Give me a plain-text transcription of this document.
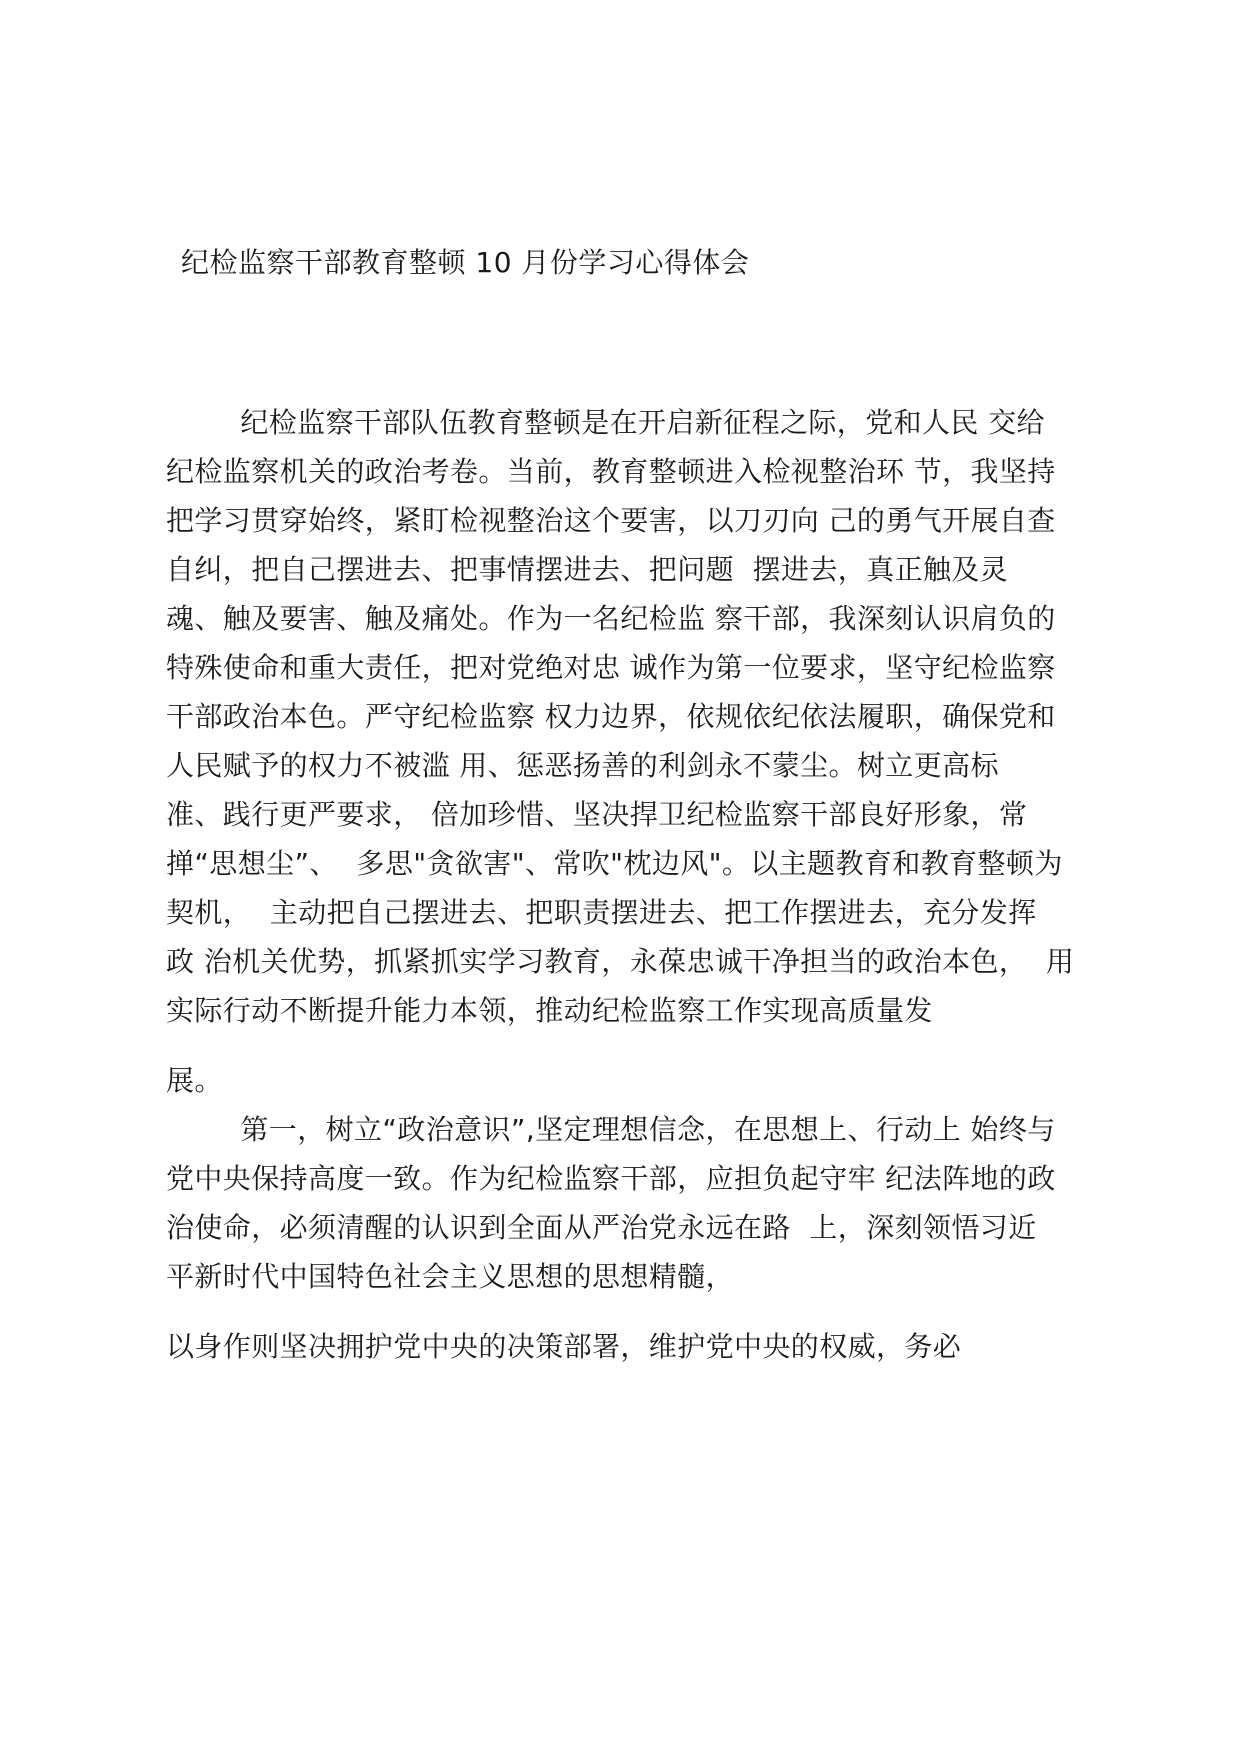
纪检监察干部教育整顿 10 月份学习心得体会
纪检监察干部队伍教育整顿是在开启新征程之际，党和人民 交给
纪检监察机关的政治考卷。当前，教育整顿进入检视整治环 节，我坚持
把学习贯穿始终，紧盯检视整治这个要害，以刀刃向 己的勇气开展自查
自纠，把自己摆进去、把事情摆进去、把问题  摆进去，真正触及灵
魂、触及要害、触及痛处。作为一名纪检监 察干部，我深刻认识肩负的
特殊使命和重大责任，把对党绝对忠 诚作为第一位要求，坚守纪检监察
干部政治本色。严守纪检监察 权力边界，依规依纪依法履职，确保党和
人民赋予的权力不被滥 用、惩恶扬善的利剑永不蒙尘。树立更高标
准、践行更严要求， 倍加珍惜、坚决捍卫纪检监察干部良好形象，常
掸“思想尘”、  多思"贪欲害"、常吹"枕边风"。以主题教育和教育整顿为
契机，  主动把自己摆进去、把职责摆进去、把工作摆进去，充分发挥
政 治机关优势，抓紧抓实学习教育，永葆忠诚干净担当的政治本色，  用
实际行动不断提升能力本领，推动纪检监察工作实现高质量发
展。
第一，树立“政治意识”,坚定理想信念，在思想上、行动上 始终与
党中央保持高度一致。作为纪检监察干部，应担负起守牢 纪法阵地的政
治使命，必须清醒的认识到全面从严治党永远在路  上，深刻领悟习近
平新时代中国特色社会主义思想的思想精髓，
以身作则坚决拥护党中央的决策部署，维护党中央的权威，务必
